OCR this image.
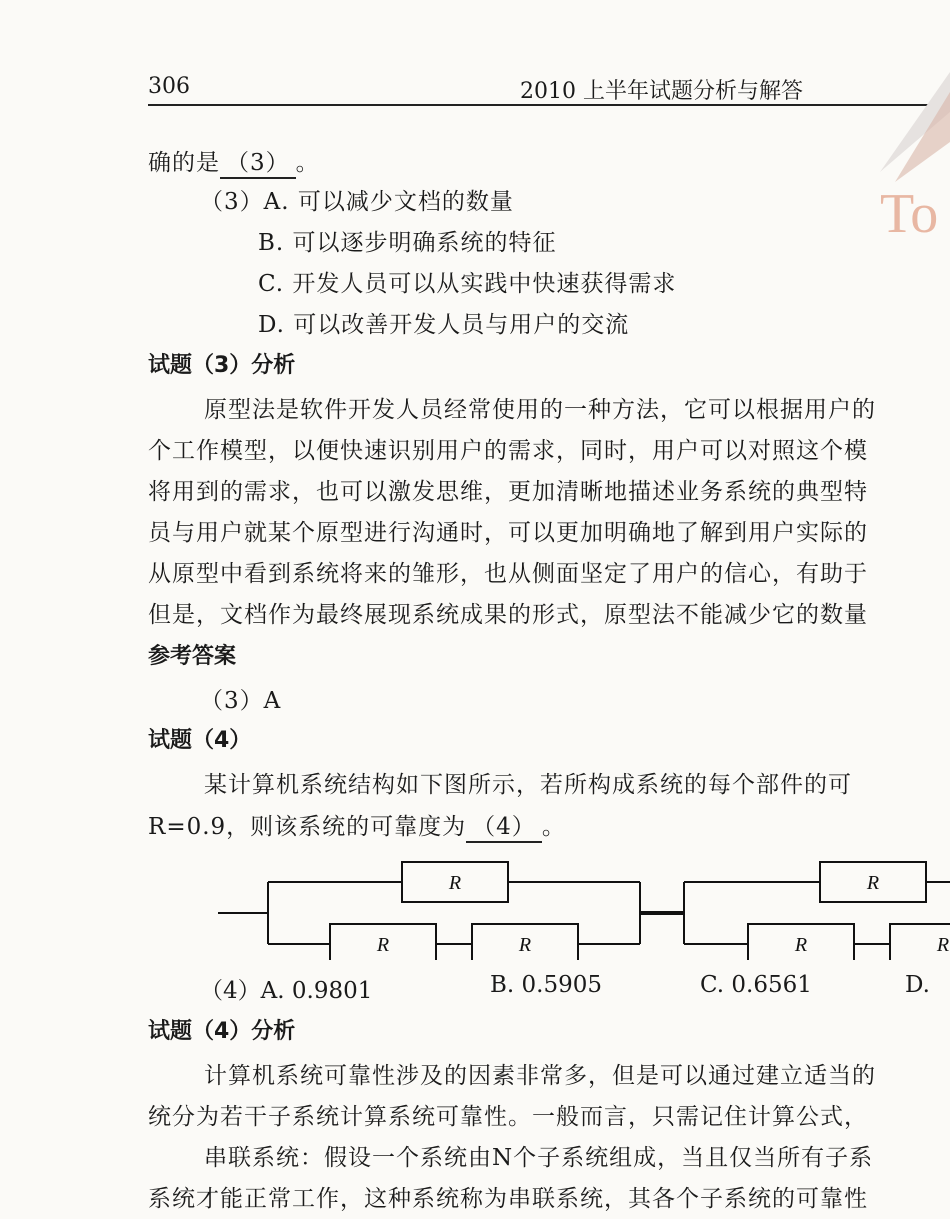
306	2010 上半年试题分析与解答
To
确的是 （3） 。
（3）A. 可以减少文档的数量
B. 可以逐步明确系统的特征
C. 开发人员可以从实践中快速获得需求
D. 可以改善开发人员与用户的交流
试题（3）分析
原型法是软件开发人员经常使用的一种方法，它可以根据用户的
个工作模型，以便快速识别用户的需求，同时，用户可以对照这个模
将用到的需求，也可以激发思维，更加清晰地描述业务系统的典型特
员与用户就某个原型进行沟通时，可以更加明确地了解到用户实际的
从原型中看到系统将来的雏形，也从侧面坚定了用户的信心，有助于
但是，文档作为最终展现系统成果的形式，原型法不能减少它的数量
参考答案
（3）A
试题（4）
某计算机系统结构如下图所示，若所构成系统的每个部件的可
R=0.9，则该系统的可靠度为 （4） 。
R
R	R
R
R	R
（4）A. 0.9801	B. 0.5905	C. 0.6561	D.
试题（4）分析
计算机系统可靠性涉及的因素非常多，但是可以通过建立适当的
统分为若干子系统计算系统可靠性。一般而言，只需记住计算公式，
串联系统：假设一个系统由N个子系统组成，当且仅当所有子系
系统才能正常工作，这种系统称为串联系统，其各个子系统的可靠性
